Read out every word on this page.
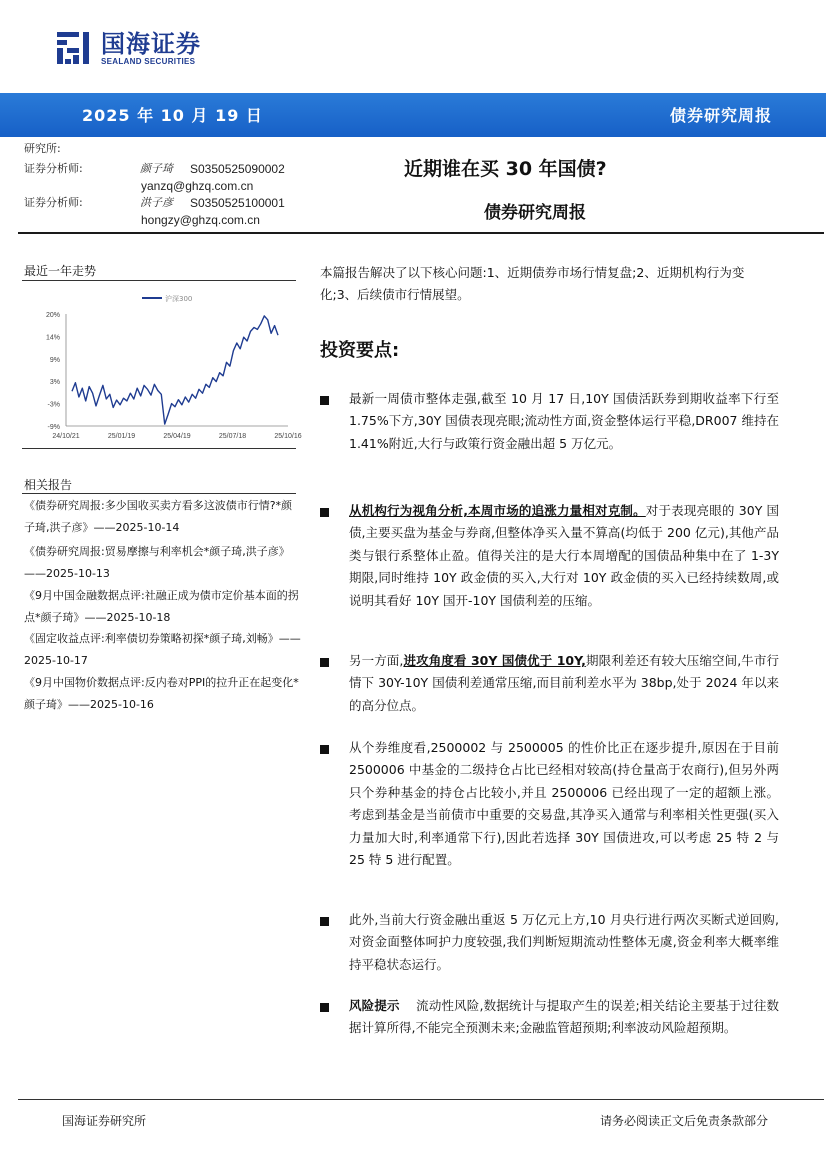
国海证券
SEALAND SECURITIES
2025 年 10 月 19 日	债券研究周报
研究所:
证券分析师:	颜子琦 S0350525090002
yanzq@ghzq.com.cn
证券分析师:	洪子彦 S0350525100001
hongzy@ghzq.com.cn
近期谁在买 30 年国债?
债券研究周报
最近一年走势
20%
14%
9%
3%
-3%
-9%
24/10/21	25/01/19	25/04/19	25/07/18	25/10/16
沪深300
相关报告
《债券研究周报:多少国收买卖方看多这波债市行情?*颜子琦,洪子彦》——2025-10-14
《债券研究周报:贸易摩擦与利率机会*颜子琦,洪子彦》——2025-10-13
《9月中国金融数据点评:社融正成为债市定价基本面的拐点*颜子琦》——2025-10-18
《固定收益点评:利率债切券策略初探*颜子琦,刘畅》——2025-10-17
《9月中国物价数据点评:反内卷对PPI的拉升正在起变化*颜子琦》——2025-10-16
本篇报告解决了以下核心问题:1、近期债券市场行情复盘;2、近期机构行为变化;3、后续债市行情展望。
投资要点:
最新一周债市整体走强,截至 10 月 17 日,10Y 国债活跃券到期收益率下行至 1.75%下方,30Y 国债表现亮眼;流动性方面,资金整体运行平稳,DR007 维持在 1.41%附近,大行与政策行资金融出超 5 万亿元。
从机构行为视角分析,本周市场的追涨力量相对克制。对于表现亮眼的 30Y 国债,主要买盘为基金与券商,但整体净买入量不算高(均低于 200 亿元),其他产品类与银行系整体止盈。值得关注的是大行本周增配的国债品种集中在了 1-3Y 期限,同时维持 10Y 政金债的买入,大行对 10Y 政金债的买入已经持续数周,或说明其看好 10Y 国开-10Y 国债利差的压缩。
另一方面,进攻角度看 30Y 国债优于 10Y,期限利差还有较大压缩空间,牛市行情下 30Y-10Y 国债利差通常压缩,而目前利差水平为 38bp,处于 2024 年以来的高分位点。
从个券维度看,2500002 与 2500005 的性价比正在逐步提升,原因在于目前 2500006 中基金的二级持仓占比已经相对较高(持仓量高于农商行),但另外两只个券种基金的持仓占比较小,并且 2500006 已经出现了一定的超额上涨。考虑到基金是当前债市中重要的交易盘,其净买入通常与利率相关性更强(买入力量加大时,利率通常下行),因此若选择 30Y 国债进攻,可以考虑 25 特 2 与 25 特 5 进行配置。
此外,当前大行资金融出重返 5 万亿元上方,10 月央行进行两次买断式逆回购,对资金面整体呵护力度较强,我们判断短期流动性整体无虞,资金利率大概率维持平稳状态运行。
风险提示    流动性风险,数据统计与提取产生的误差;相关结论主要基于过往数据计算所得,不能完全预测未来;金融监管超预期;利率波动风险超预期。
国海证券研究所	请务必阅读正文后免责条款部分
